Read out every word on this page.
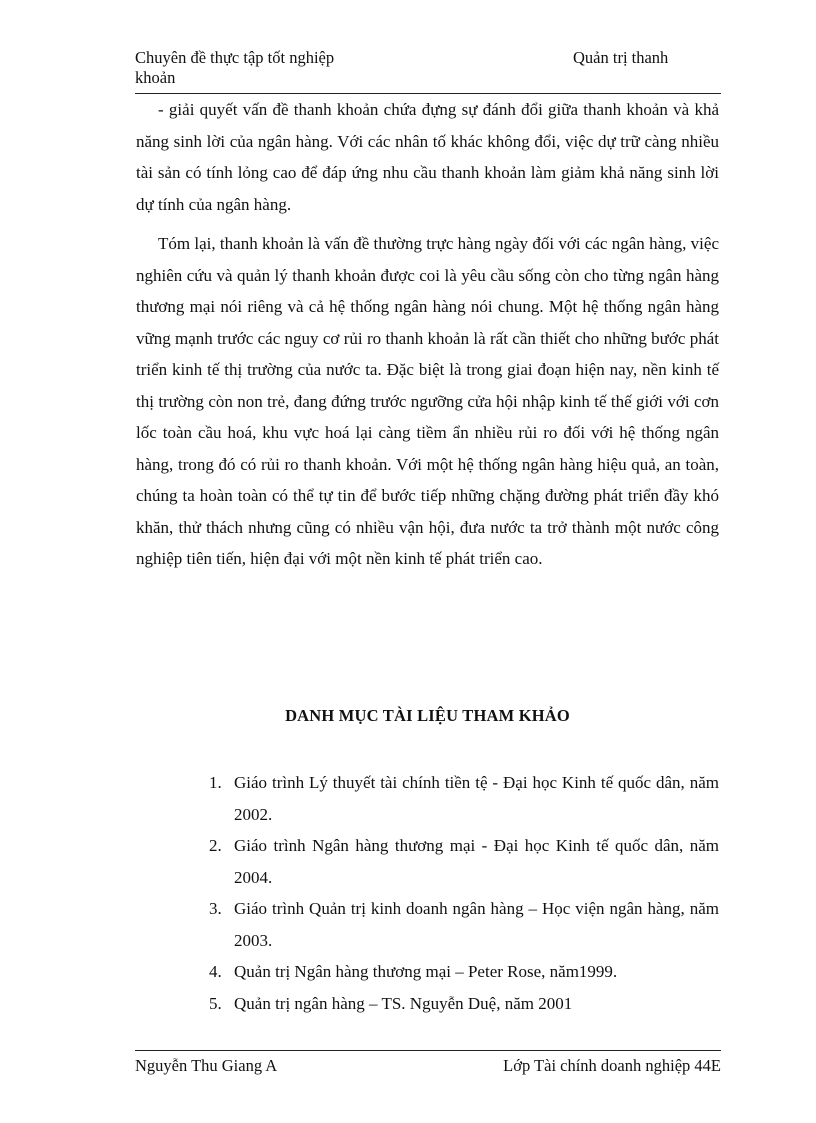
Chuyên đề thực tập tốt nghiệp
khoản
Quản trị thanh

- giải quyết vấn đề thanh khoản chứa đựng sự đánh đổi giữa thanh khoản và khả năng sinh lời của ngân hàng. Với các nhân tố khác không đổi, việc dự trữ càng nhiều tài sản có tính lỏng cao để đáp ứng nhu cầu thanh khoản làm giảm khả năng sinh lời dự tính của ngân hàng.

Tóm lại, thanh khoản là vấn đề thường trực hàng ngày đối với các ngân hàng, việc nghiên cứu và quản lý thanh khoản được coi là yêu cầu sống còn cho từng ngân hàng thương mại nói riêng và cả hệ thống ngân hàng nói chung. Một hệ thống ngân hàng vững mạnh trước các nguy cơ rủi ro thanh khoản là rất cần thiết cho những bước phát triển kinh tế thị trường của nước ta. Đặc biệt là trong giai đoạn hiện nay, nền kinh tế thị trường còn non trẻ, đang đứng trước ngưỡng cửa hội nhập kinh tế thế giới với cơn lốc toàn cầu hoá, khu vực hoá lại càng tiềm ẩn nhiều rủi ro đối với hệ thống ngân hàng, trong đó có rủi ro thanh khoản. Với một hệ thống ngân hàng hiệu quả, an toàn, chúng ta hoàn toàn có thể tự tin để bước tiếp những chặng đường phát triển đầy khó khăn, thử thách nhưng cũng có nhiều vận hội, đưa nước ta trở thành một nước công nghiệp tiên tiến, hiện đại với một nền kinh tế phát triển cao.

DANH MỤC TÀI LIỆU THAM KHẢO
1. Giáo trình Lý thuyết tài chính tiền tệ - Đại học Kinh tế quốc dân, năm 2002.
2. Giáo trình Ngân hàng thương mại - Đại học Kinh tế quốc dân, năm 2004.
3. Giáo trình Quản trị kinh doanh ngân hàng – Học viện ngân hàng, năm 2003.
4. Quản trị Ngân hàng thương mại – Peter Rose, năm1999.
5. Quản trị ngân hàng – TS. Nguyễn Duệ, năm 2001
Nguyễn Thu Giang A	Lớp Tài chính doanh nghiệp 44E
